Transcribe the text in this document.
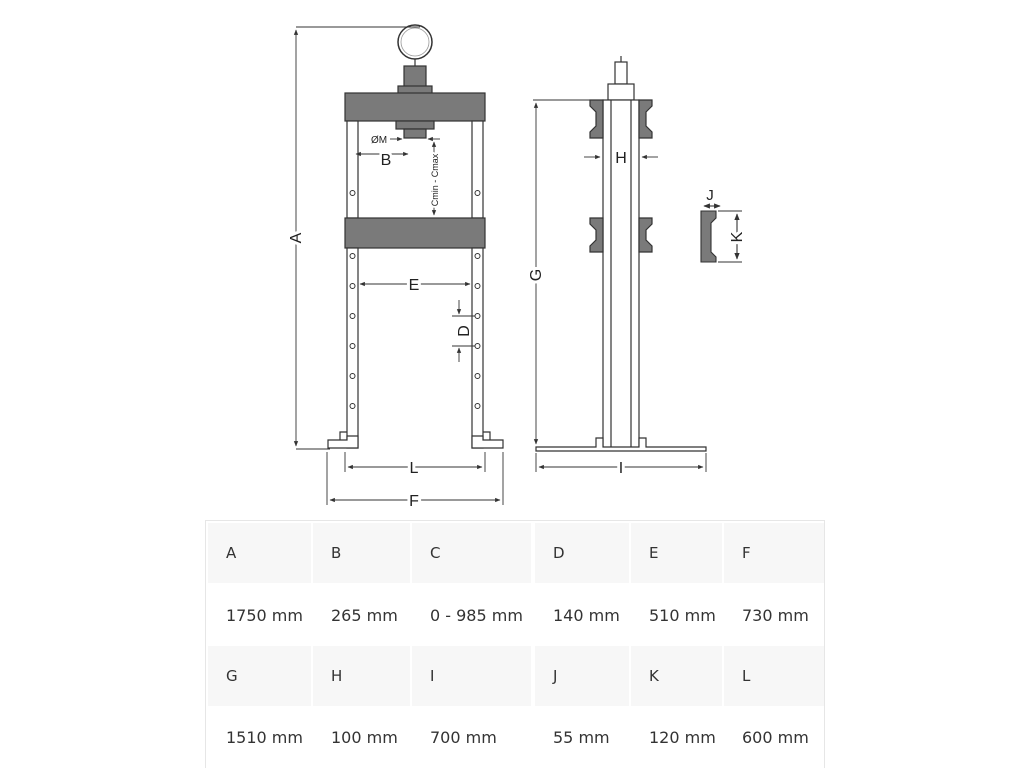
A
B
ØM
Cmin - Cmax
E
D
L
F
G
H
I
J
K
A	B	C	D	E	F
1750 mm	265 mm	0 - 985 mm	140 mm	510 mm	730 mm
G	H	I	J	K	L
1510 mm	100 mm	700 mm	55 mm	120 mm	600 mm
